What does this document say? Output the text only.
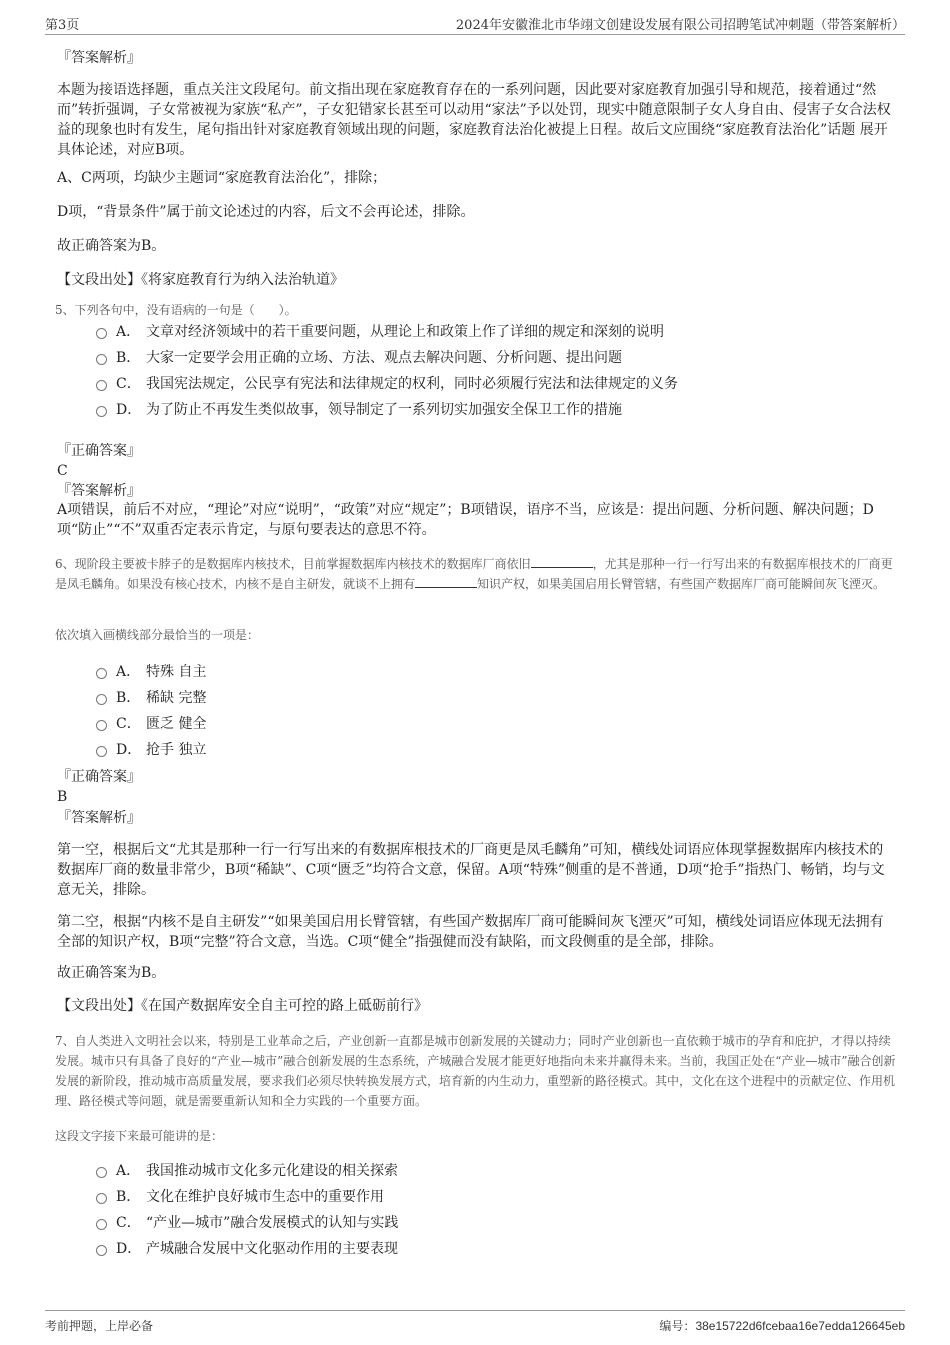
第3页	2024年安徽淮北市华翊文创建设发展有限公司招聘笔试冲刺题（带答案解析）

『答案解析』

本题为接语选择题，重点关注文段尾句。前文指出现在家庭教育存在的一系列问题，因此要对家庭教育加强引导和规范，接着通过“然而”转折强调，子女常被视为家族“私产”，子女犯错家长甚至可以动用“家法”予以处罚，现实中随意限制子女人身自由、侵害子女合法权益的现象也时有发生，尾句指出针对家庭教育领域出现的问题，家庭教育法治化被提上日程。故后文应围绕“家庭教育法治化”话题 展开 具体论述，对应B项。

A、C两项，均缺少主题词“家庭教育法治化”，排除；

D项，“背景条件”属于前文论述过的内容，后文不会再论述，排除。

故正确答案为B。

【文段出处】《将家庭教育行为纳入法治轨道》

5、下列各句中，没有语病的一句是（　　）。

A． 文章对经济领域中的若干重要问题，从理论上和政策上作了详细的规定和深刻的说明
B． 大家一定要学会用正确的立场、方法、观点去解决问题、分析问题、提出问题
C． 我国宪法规定，公民享有宪法和法律规定的权利，同时必须履行宪法和法律规定的义务
D． 为了防止不再发生类似故事，领导制定了一系列切实加强安全保卫工作的措施

『正确答案』

C

『答案解析』

A项错误，前后不对应，“理论”对应“说明”，“政策”对应“规定”；B项错误，语序不当，应该是：提出问题、分析问题、解决问题；D项“防止”“不”双重否定表示肯定，与原句要表达的意思不符。

6、现阶段主要被卡脖子的是数据库内核技术，目前掌握数据库内核技术的数据库厂商依旧	，尤其是那种一行一行写出来的有数据库根技术的厂商更是凤毛麟角。如果没有核心技术，内核不是自主研发，就谈不上拥有	知识产权，如果美国启用长臂管辖，有些国产数据库厂商可能瞬间灰飞湮灭。

依次填入画横线部分最恰当的一项是：

A． 特殊 自主
B． 稀缺 完整
C． 匮乏 健全
D． 抢手 独立

『正确答案』

B

『答案解析』

第一空，根据后文“尤其是那种一行一行写出来的有数据库根技术的厂商更是凤毛麟角”可知，横线处词语应体现掌握数据库内核技术的数据库厂商的数量非常少，B项“稀缺”、C项“匮乏”均符合文意，保留。A项“特殊”侧重的是不普通，D项“抢手”指热门、畅销，均与文意无关，排除。

第二空，根据“内核不是自主研发”“如果美国启用长臂管辖，有些国产数据库厂商可能瞬间灰飞湮灭”可知，横线处词语应体现无法拥有全部的知识产权，B项“完整”符合文意，当选。C项“健全”指强健而没有缺陷，而文段侧重的是全部，排除。

故正确答案为B。

【文段出处】《在国产数据库安全自主可控的路上砥砺前行》

7、自人类进入文明社会以来，特别是工业革命之后，产业创新一直都是城市创新发展的关键动力；同时产业创新也一直依赖于城市的孕育和庇护，才得以持续发展。城市只有具备了良好的“产业—城市”融合创新发展的生态系统，产城融合发展才能更好地指向未来并赢得未来。当前，我国正处在“产业—城市”融合创新发展的新阶段，推动城市高质量发展，要求我们必须尽快转换发展方式，培育新的内生动力，重塑新的路径模式。其中，文化在这个进程中的贡献定位、作用机理、路径模式等问题，就是需要重新认知和全力实践的一个重要方面。

这段文字接下来最可能讲的是：

A． 我国推动城市文化多元化建设的相关探索
B． 文化在维护良好城市生态中的重要作用
C． “产业—城市”融合发展模式的认知与实践
D． 产城融合发展中文化驱动作用的主要表现
考前押题，上岸必备	编号：38e15722d6fcebaa16e7edda126645eb
